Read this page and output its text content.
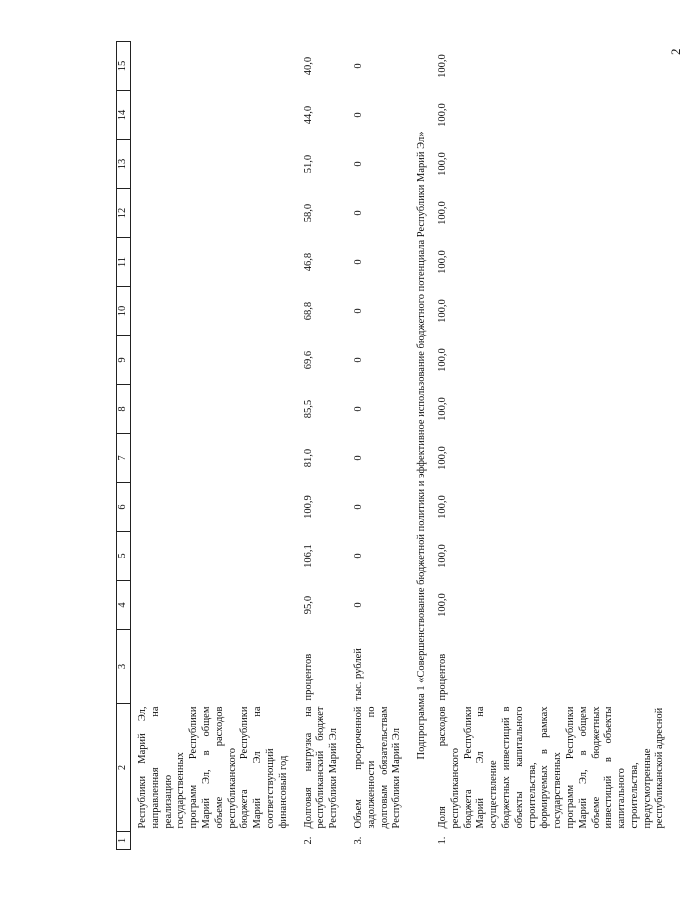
2
1	2	3	4	5	6	7	8	9	10	11	12	13	14	15
	Республики Марий Эл, направленная на реализацию государственных программ Республики Марий Эл, в общем объеме расходов республиканского бюджета Республики Марий Эл на соответствующий финансовый год													
2.	Долговая нагрузка на республиканский бюджет Республики Марий Эл	процентов	95,0	106,1	100,9	81,0	85,5	69,6	68,8	46,8	58,0	51,0	44,0	40,0
3.	Объем просроченной задолженности по долговым обязательствам Республики Марий Эл	тыс. рублей	0	0	0	0	0	0	0	0	0	0	0	0
Подпрограмма 1 «Совершенствование бюджетной политики и эффективное использование бюджетного потенциала Республики Марий Эл»														
1.	Доля расходов республиканского бюджета Республики Марий Эл на осуществление бюджетных инвестиций в объекты капитального строительства, формируемых в рамках государственных программ Республики Марий Эл, в общем объеме бюджетных инвестиций в объекты капитального строительства, предусмотренные республиканской адресной	процентов	100,0	100,0	100,0	100,0	100,0	100,0	100,0	100,0	100,0	100,0	100,0	100,0
